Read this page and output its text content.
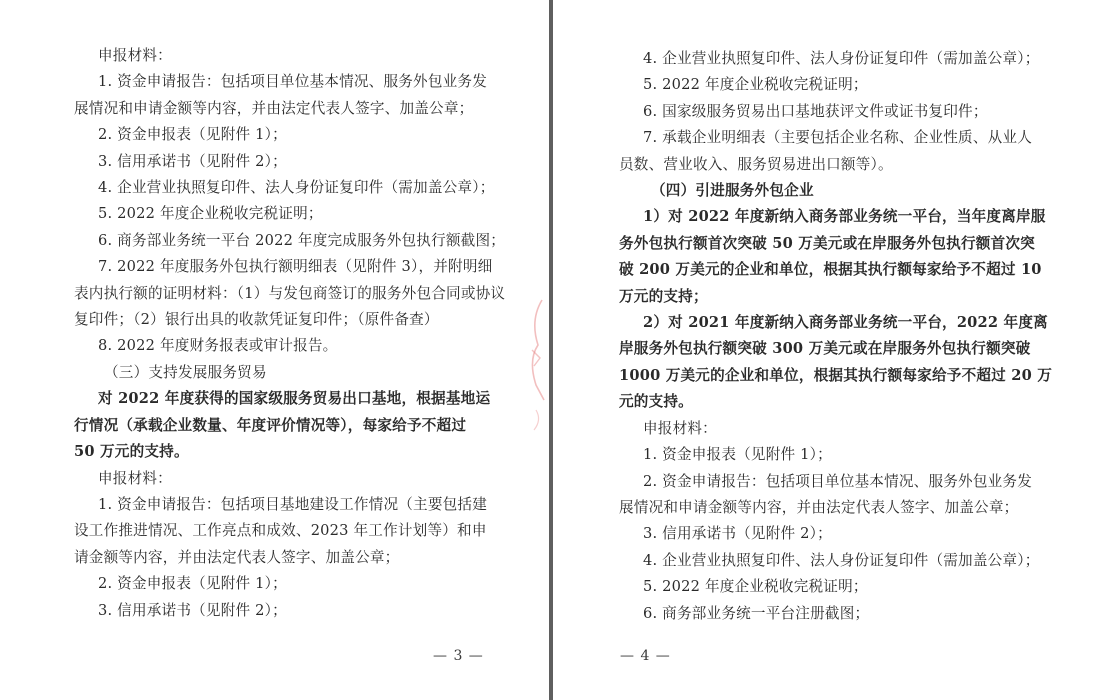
申报材料：
1. 资金申请报告：包括项目单位基本情况、服务外包业务发
展情况和申请金额等内容，并由法定代表人签字、加盖公章；
2. 资金申报表（见附件 1）；
3. 信用承诺书（见附件 2）；
4. 企业营业执照复印件、法人身份证复印件（需加盖公章）；
5. 2022 年度企业税收完税证明；
6. 商务部业务统一平台 2022 年度完成服务外包执行额截图；
7. 2022 年度服务外包执行额明细表（见附件 3），并附明细
表内执行额的证明材料：（1）与发包商签订的服务外包合同或协议
复印件；（2）银行出具的收款凭证复印件；（原件备查）
8. 2022 年度财务报表或审计报告。
（三）支持发展服务贸易
对 2022 年度获得的国家级服务贸易出口基地，根据基地运
行情况（承载企业数量、年度评价情况等），每家给予不超过
50 万元的支持。
申报材料：
1. 资金申请报告：包括项目基地建设工作情况（主要包括建
设工作推进情况、工作亮点和成效、2023 年工作计划等）和申
请金额等内容，并由法定代表人签字、加盖公章；
2. 资金申报表（见附件 1）；
3. 信用承诺书（见附件 2）；
— 3 —
4. 企业营业执照复印件、法人身份证复印件（需加盖公章）；
5. 2022 年度企业税收完税证明；
6. 国家级服务贸易出口基地获评文件或证书复印件；
7. 承载企业明细表（主要包括企业名称、企业性质、从业人
员数、营业收入、服务贸易进出口额等）。
（四）引进服务外包企业
1）对 2022 年度新纳入商务部业务统一平台，当年度离岸服
务外包执行额首次突破 50 万美元或在岸服务外包执行额首次突
破 200 万美元的企业和单位，根据其执行额每家给予不超过 10
万元的支持；
2）对 2021 年度新纳入商务部业务统一平台，2022 年度离
岸服务外包执行额突破 300 万美元或在岸服务外包执行额突破
1000 万美元的企业和单位，根据其执行额每家给予不超过 20 万
元的支持。
申报材料：
1. 资金申报表（见附件 1）；
2. 资金申请报告：包括项目单位基本情况、服务外包业务发
展情况和申请金额等内容，并由法定代表人签字、加盖公章；
3. 信用承诺书（见附件 2）；
4. 企业营业执照复印件、法人身份证复印件（需加盖公章）；
5. 2022 年度企业税收完税证明；
6. 商务部业务统一平台注册截图；
— 4 —
